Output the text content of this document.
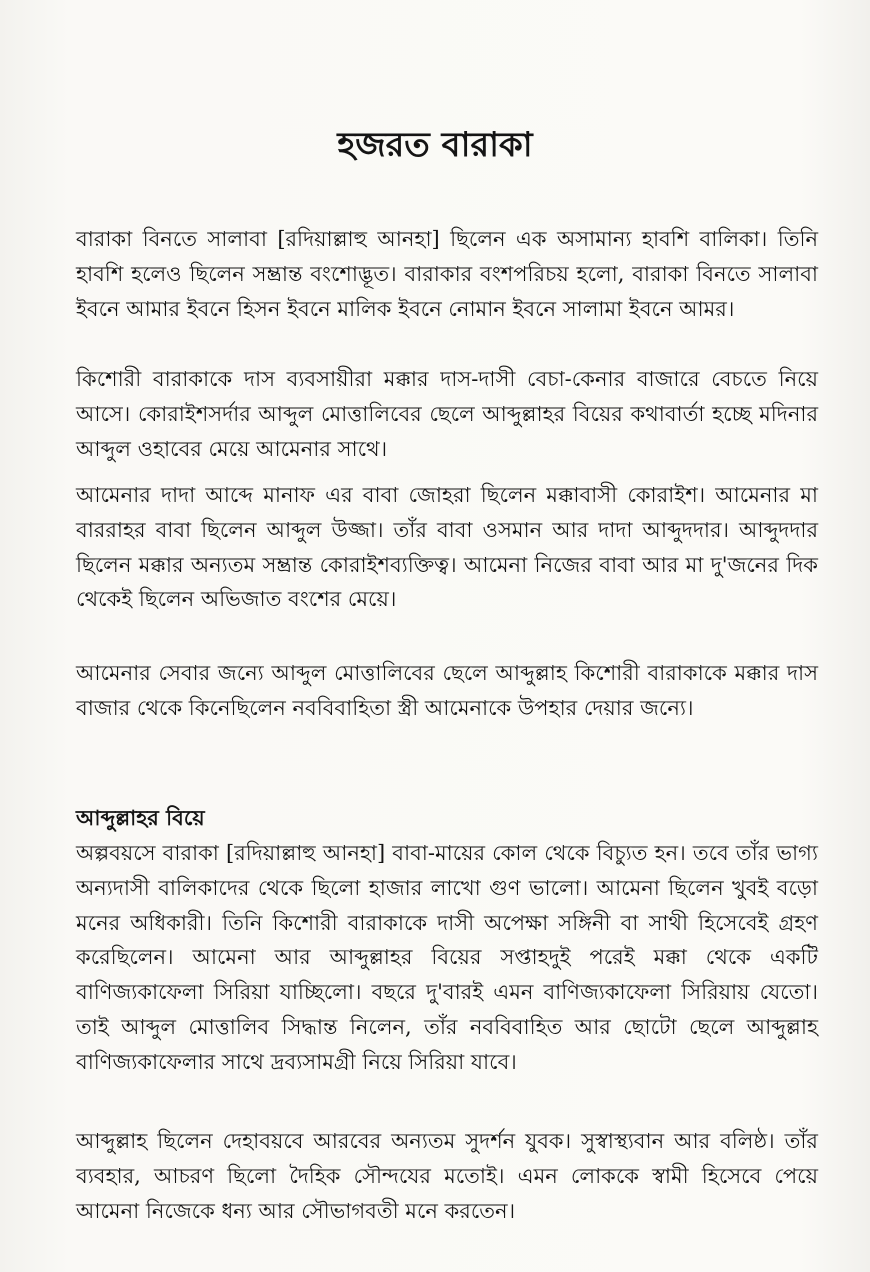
হজরত বারাকা

বারাকা বিনতে সালাবা [রদিয়াল্লাহু আনহা] ছিলেন এক অসামান্য হাবশি বালিকা। তিনি হাবশি হলেও ছিলেন সম্ভ্রান্ত বংশোদ্ভূত। বারাকার বংশপরিচয় হলো, বারাকা বিনতে সালাবা ইবনে আমার ইবনে হিসন ইবনে মালিক ইবনে নোমান ইবনে সালামা ইবনে আমর।

কিশোরী বারাকাকে দাস ব্যবসায়ীরা মক্কার দাস-দাসী বেচা-কেনার বাজারে বেচতে নিয়ে আসে। কোরাইশসর্দার আব্দুল মোত্তালিবের ছেলে আব্দুল্লাহর বিয়ের কথাবার্তা হচ্ছে মদিনার আব্দুল ওহাবের মেয়ে আমেনার সাথে।

আমেনার দাদা আব্দে মানাফ এর বাবা জোহরা ছিলেন মক্কাবাসী কোরাইশ। আমেনার মা বাররাহর বাবা ছিলেন আব্দুল উজ্জা। তাঁর বাবা ওসমান আর দাদা আব্দুদদার। আব্দুদদার ছিলেন মক্কার অন্যতম সম্ভ্রান্ত কোরাইশব্যক্তিত্ব। আমেনা নিজের বাবা আর মা দু'জনের দিক থেকেই ছিলেন অভিজাত বংশের মেয়ে।

আমেনার সেবার জন্যে আব্দুল মোত্তালিবের ছেলে আব্দুল্লাহ কিশোরী বারাকাকে মক্কার দাস বাজার থেকে কিনেছিলেন নববিবাহিতা স্ত্রী আমেনাকে উপহার দেয়ার জন্যে।

আব্দুল্লাহর বিয়ে

অল্পবয়সে বারাকা [রদিয়াল্লাহু আনহা] বাবা-মায়ের কোল থেকে বিচ্যুত হন। তবে তাঁর ভাগ্য অন্যদাসী বালিকাদের থেকে ছিলো হাজার লাখো গুণ ভালো। আমেনা ছিলেন খুবই বড়ো মনের অধিকারী। তিনি কিশোরী বারাকাকে দাসী অপেক্ষা সঙ্গিনী বা সাথী হিসেবেই গ্রহণ করেছিলেন। আমেনা আর আব্দুল্লাহর বিয়ের সপ্তাহদুই পরেই মক্কা থেকে একটি বাণিজ্যকাফেলা সিরিয়া যাচ্ছিলো। বছরে দু'বারই এমন বাণিজ্যকাফেলা সিরিয়ায় যেতো। তাই আব্দুল মোত্তালিব সিদ্ধান্ত নিলেন, তাঁর নববিবাহিত আর ছোটো ছেলে আব্দুল্লাহ বাণিজ্যকাফেলার সাথে দ্রব্যসামগ্রী নিয়ে সিরিয়া যাবে।

আব্দুল্লাহ ছিলেন দেহাবয়বে আরবের অন্যতম সুদর্শন যুবক। সুস্বাস্থ্যবান আর বলিষ্ঠ। তাঁর ব্যবহার, আচরণ ছিলো দৈহিক সৌন্দযের মতোই। এমন লোককে স্বামী হিসেবে পেয়ে আমেনা নিজেকে ধন্য আর সৌভাগবতী মনে করতেন।
